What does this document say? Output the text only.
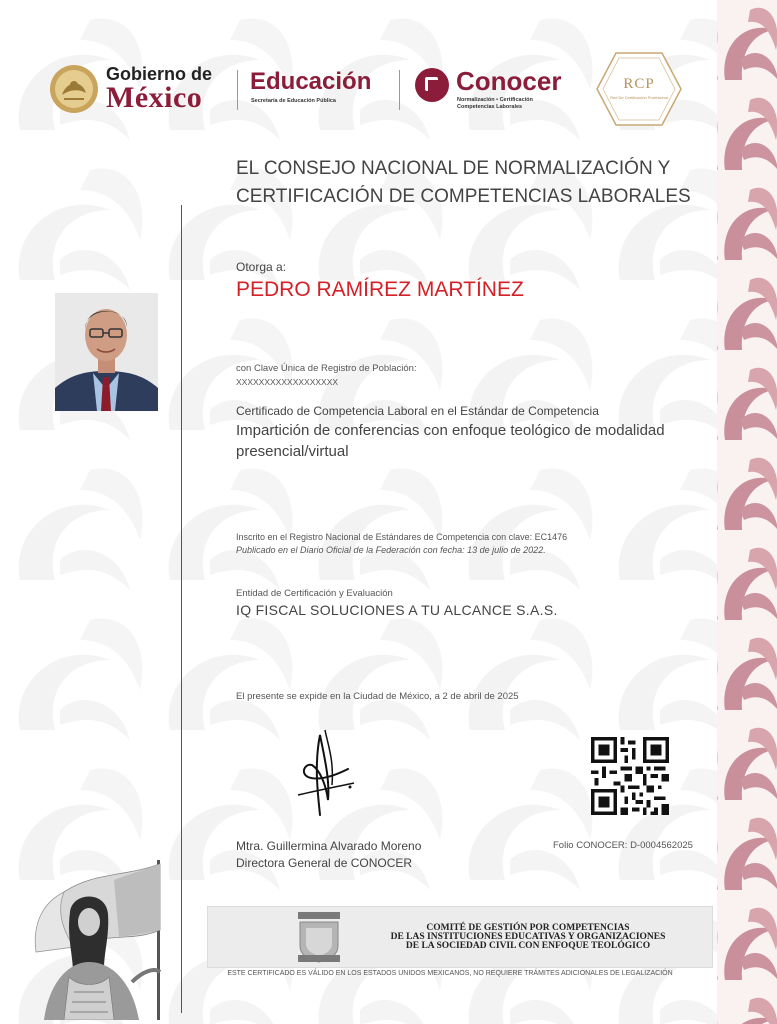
Gobierno de
México Educación
Secretaría de Educación Pública
Conocer
Normalización • Certificación
Competencias Laborales
RCP
Red De Certificación Profesional
EL CONSEJO NACIONAL DE NORMALIZACIÓN Y CERTIFICACIÓN DE COMPETENCIAS LABORALES
Otorga a:
PEDRO RAMÍREZ MARTÍNEZ
con Clave Única de Registro de Población:
XXXXXXXXXXXXXXXXXX
Certificado de Competencia Laboral en el Estándar de Competencia
Impartición de conferencias con enfoque teológico de modalidad presencial/virtual
Inscrito en el Registro Nacional de Estándares de Competencia con clave: EC1476
Publicado en el Diario Oficial de la Federación con fecha: 13 de julio de 2022.
Entidad de Certificación y Evaluación
IQ FISCAL SOLUCIONES A TU ALCANCE S.A.S.
El presente se expide en la Ciudad de México, a 2 de abril de 2025
Mtra. Guillermina Alvarado Moreno
Directora General de CONOCER
Folio CONOCER: D-0004562025
COMITÉ DE GESTIÓN POR COMPETENCIAS
DE LAS INSTITUCIONES EDUCATIVAS Y ORGANIZACIONES
DE LA SOCIEDAD CIVIL CON ENFOQUE TEOLÓGICO
ESTE CERTIFICADO ES VÁLIDO EN LOS ESTADOS UNIDOS MEXICANOS, NO REQUIERE TRÁMITES ADICIONALES DE LEGALIZACIÓN
